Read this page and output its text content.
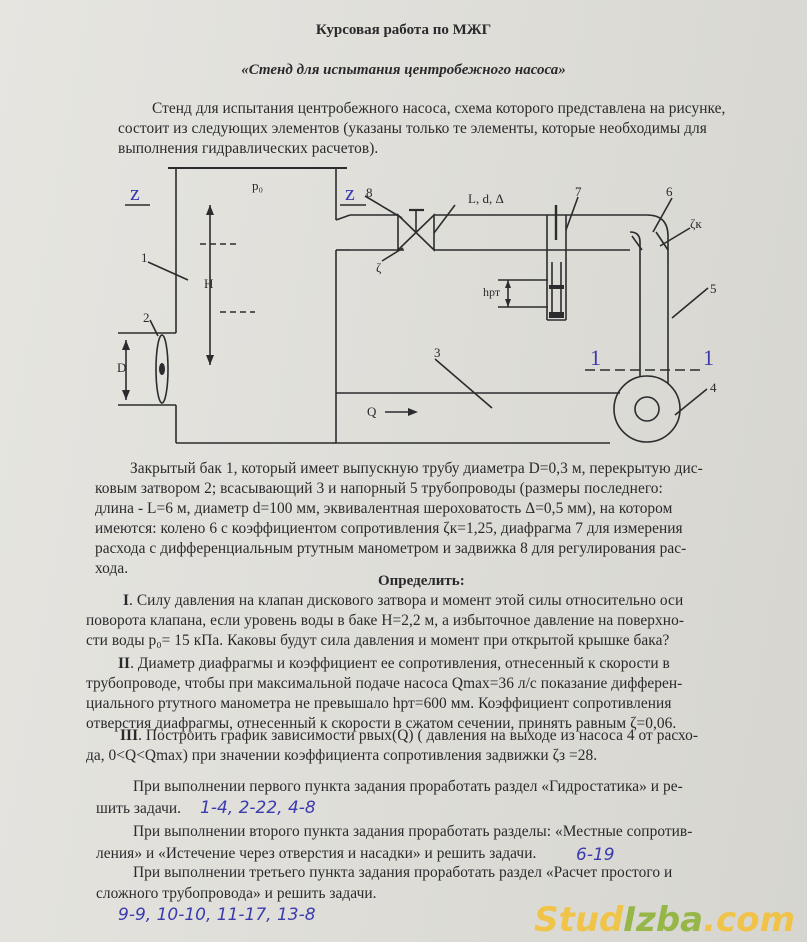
Курсовая работа по МЖГ
«Стенд для испытания центробежного насоса»
Стенд для испытания центробежного насоса, схема которого представлена на рисунке,
состоит из следующих элементов (указаны только те элементы, которые необходимы для
выполнения гидравлических расчетов).
p₀
z	z
1
2
3
4
5
6
7
8
H
D
L, d, Δ
ζ
ζк
hрт
Q
1	1
Закрытый бак 1, который имеет выпускную трубу диаметра D=0,3 м, перекрытую дис-
ковым затвором 2; всасывающий 3 и напорный 5 трубопроводы (размеры последнего:
длина - L=6 м, диаметр d=100 мм, эквивалентная шероховатость Δ=0,5 мм), на котором
имеются: колено 6 с коэффициентом сопротивления ζк=1,25, диафрагма 7 для измерения
расхода с дифференциальным ртутным манометром и задвижка 8 для регулирования рас-
хода.
Определить:
I. Силу давления на клапан дискового затвора и момент этой силы относительно оси
поворота клапана, если уровень воды в баке H=2,2 м, а избыточное давление на поверхно-
сти воды p₀= 15 кПа. Каковы будут сила давления и момент при открытой крышке бака?
II. Диаметр диафрагмы и коэффициент ее сопротивления, отнесенный к скорости в
трубопроводе, чтобы при максимальной подаче насоса Qmax=36 л/с показание дифферен-
циального ртутного манометра не превышало hрт=600 мм. Коэффициент сопротивления
отверстия диафрагмы, отнесенный к скорости в сжатом сечении, принять равным ζ=0,06.
III. Построить график зависимости pвых(Q) ( давления на выходе из насоса 4 от расхо-
да, 0<Q<Qmax) при значении коэффициента сопротивления задвижки ζз =28.
При выполнении первого пункта задания проработать раздел «Гидростатика» и ре-
шить задачи.
При выполнении второго пункта задания проработать разделы: «Местные сопротив-
ления» и «Истечение через отверстия и насадки» и решить задачи.
При выполнении третьего пункта задания проработать раздел «Расчет простого и
сложного трубопровода» и решить задачи.
1-4, 2-22, 4-8
6-19
9-9, 10-10, 11-17, 13-8	StudIzba.com
